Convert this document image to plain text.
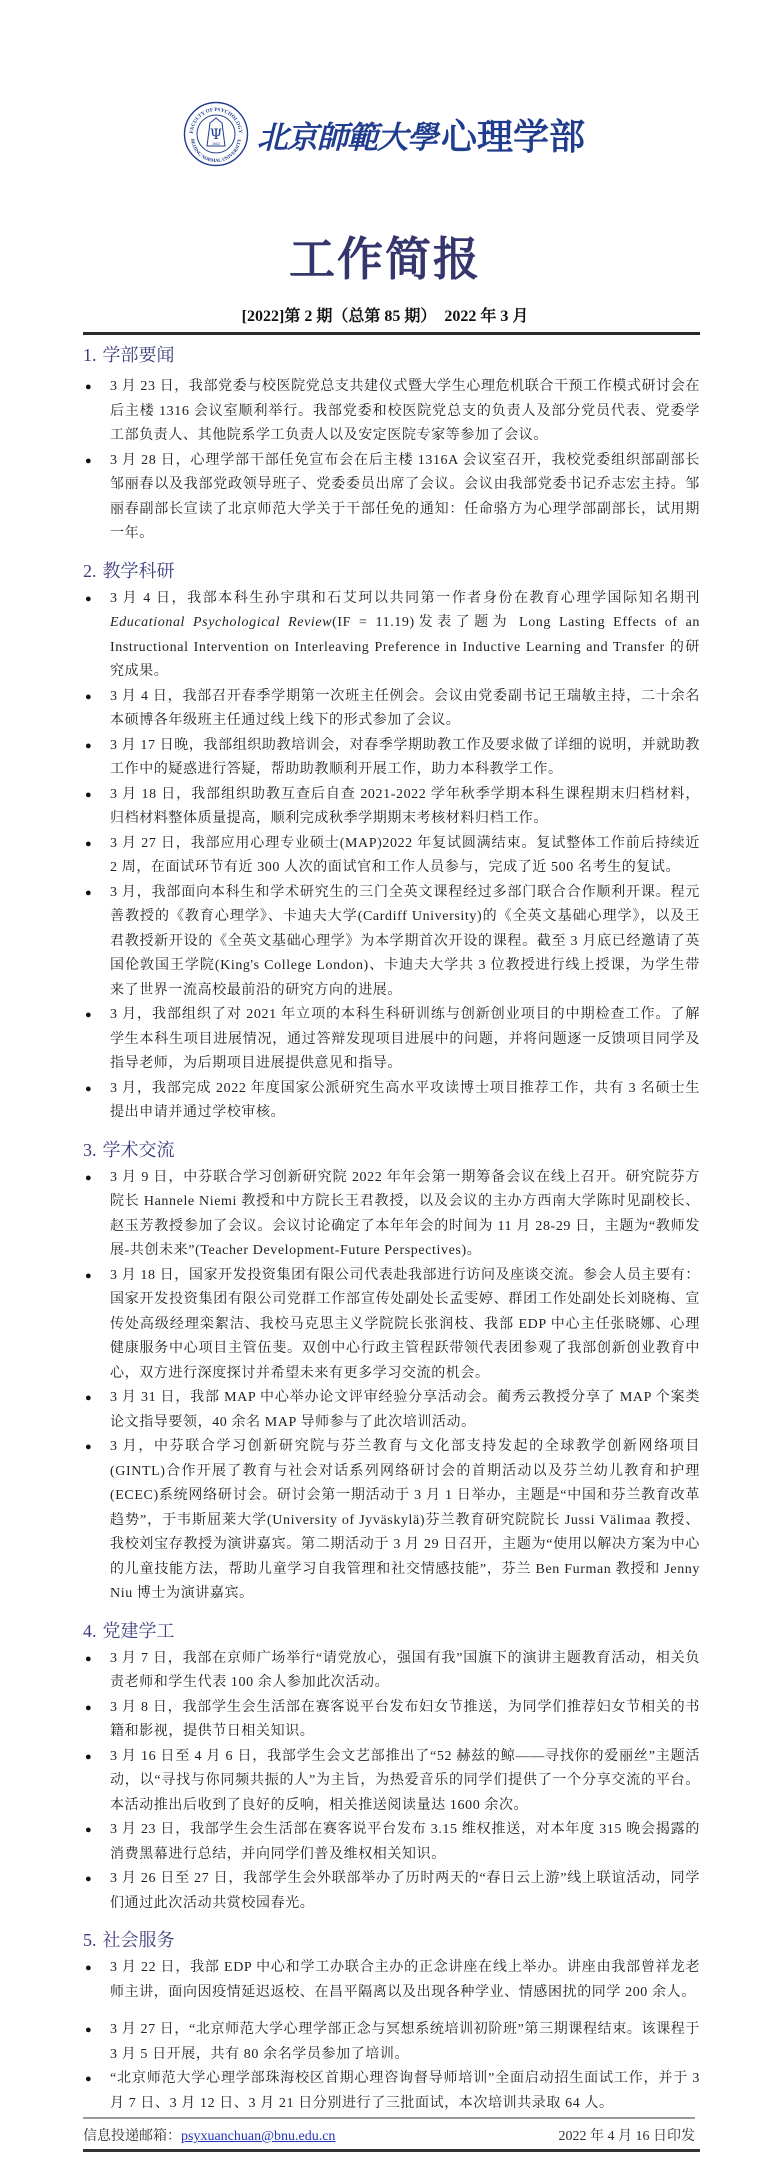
FACULTY OF PSYCHOLOGY
BEIJING NORMAL UNIVERSITY
Ψ
1902 北京師範大學 心理学部
工作简报
[2022]第 2 期（总第 85 期）　2022 年 3 月
1. 学部要闻
● 3 月 23 日，我部党委与校医院党总支共建仪式暨大学生心理危机联合干预工作模式研讨会在后主楼 1316 会议室顺利举行。我部党委和校医院党总支的负责人及部分党员代表、党委学工部负责人、其他院系学工负责人以及安定医院专家等参加了会议。
● 3 月 28 日，心理学部干部任免宣布会在后主楼 1316A 会议室召开，我校党委组织部副部长邹丽春以及我部党政领导班子、党委委员出席了会议。会议由我部党委书记乔志宏主持。邹丽春副部长宣读了北京师范大学关于干部任免的通知：任命骆方为心理学部副部长，试用期一年。
2. 教学科研
● 3 月 4 日，我部本科生孙宇琪和石艾珂以共同第一作者身份在教育心理学国际知名期刊Educational Psychological Review(IF = 11.19)发表了题为 Long Lasting Effects of an Instructional Intervention on Interleaving Preference in Inductive Learning and Transfer 的研究成果。
● 3 月 4 日，我部召开春季学期第一次班主任例会。会议由党委副书记王瑞敏主持，二十余名本硕博各年级班主任通过线上线下的形式参加了会议。
● 3 月 17 日晚，我部组织助教培训会，对春季学期助教工作及要求做了详细的说明，并就助教工作中的疑惑进行答疑，帮助助教顺利开展工作，助力本科教学工作。
● 3 月 18 日，我部组织助教互查后自查 2021-2022 学年秋季学期本科生课程期末归档材料，归档材料整体质量提高，顺利完成秋季学期期末考核材料归档工作。
● 3 月 27 日，我部应用心理专业硕士(MAP)2022 年复试圆满结束。复试整体工作前后持续近 2 周，在面试环节有近 300 人次的面试官和工作人员参与，完成了近 500 名考生的复试。
● 3 月，我部面向本科生和学术研究生的三门全英文课程经过多部门联合合作顺利开课。程元善教授的《教育心理学》、卡迪夫大学(Cardiff University)的《全英文基础心理学》，以及王君教授新开设的《全英文基础心理学》为本学期首次开设的课程。截至 3 月底已经邀请了英国伦敦国王学院(King's College London)、卡迪夫大学共 3 位教授进行线上授课，为学生带来了世界一流高校最前沿的研究方向的进展。
● 3 月，我部组织了对 2021 年立项的本科生科研训练与创新创业项目的中期检查工作。了解学生本科生项目进展情况，通过答辩发现项目进展中的问题，并将问题逐一反馈项目同学及指导老师，为后期项目进展提供意见和指导。
● 3 月，我部完成 2022 年度国家公派研究生高水平攻读博士项目推荐工作，共有 3 名硕士生提出申请并通过学校审核。
3. 学术交流
● 3 月 9 日，中芬联合学习创新研究院 2022 年年会第一期筹备会议在线上召开。研究院芬方院长 Hannele Niemi 教授和中方院长王君教授，以及会议的主办方西南大学陈时见副校长、赵玉芳教授参加了会议。会议讨论确定了本年年会的时间为 11 月 28-29 日，主题为“教师发展-共创未来”(Teacher Development-Future Perspectives)。
● 3 月 18 日，国家开发投资集团有限公司代表赴我部进行访问及座谈交流。参会人员主要有：国家开发投资集团有限公司党群工作部宣传处副处长孟雯婷、群团工作处副处长刘晓梅、宣传处高级经理栾絮洁、我校马克思主义学院院长张润枝、我部 EDP 中心主任张晓娜、心理健康服务中心项目主管伍斐。双创中心行政主管程跃带领代表团参观了我部创新创业教育中心，双方进行深度探讨并希望未来有更多学习交流的机会。
● 3 月 31 日，我部 MAP 中心举办论文评审经验分享活动会。蔺秀云教授分享了 MAP 个案类论文指导要领，40 余名 MAP 导师参与了此次培训活动。
● 3 月，中芬联合学习创新研究院与芬兰教育与文化部支持发起的全球教学创新网络项目(GINTL)合作开展了教育与社会对话系列网络研讨会的首期活动以及芬兰幼儿教育和护理(ECEC)系统网络研讨会。研讨会第一期活动于 3 月 1 日举办，主题是“中国和芬兰教育改革趋势”，于韦斯屈莱大学(University of Jyväskylä)芬兰教育研究院院长 Jussi Välimaa 教授、我校刘宝存教授为演讲嘉宾。第二期活动于 3 月 29 日召开，主题为“使用以解决方案为中心的儿童技能方法，帮助儿童学习自我管理和社交情感技能”，芬兰 Ben Furman 教授和 Jenny Niu 博士为演讲嘉宾。
4. 党建学工
● 3 月 7 日，我部在京师广场举行“请党放心，强国有我”国旗下的演讲主题教育活动，相关负责老师和学生代表 100 余人参加此次活动。
● 3 月 8 日，我部学生会生活部在赛客说平台发布妇女节推送，为同学们推荐妇女节相关的书籍和影视，提供节日相关知识。
● 3 月 16 日至 4 月 6 日，我部学生会文艺部推出了“52 赫兹的鲸——寻找你的爱丽丝”主题活动，以“寻找与你同频共振的人”为主旨，为热爱音乐的同学们提供了一个分享交流的平台。本活动推出后收到了良好的反响，相关推送阅读量达 1600 余次。
● 3 月 23 日，我部学生会生活部在赛客说平台发布 3.15 维权推送，对本年度 315 晚会揭露的消费黑幕进行总结，并向同学们普及维权相关知识。
● 3 月 26 日至 27 日，我部学生会外联部举办了历时两天的“春日云上游”线上联谊活动，同学们通过此次活动共赏校园春光。
5. 社会服务
● 3 月 22 日，我部 EDP 中心和学工办联合主办的正念讲座在线上举办。讲座由我部曾祥龙老师主讲，面向因疫情延迟返校、在昌平隔离以及出现各种学业、情感困扰的同学 200 余人。
● 3 月 27 日，“北京师范大学心理学部正念与冥想系统培训初阶班”第三期课程结束。该课程于 3 月 5 日开展，共有 80 余名学员参加了培训。
● “北京师范大学心理学部珠海校区首期心理咨询督导师培训”全面启动招生面试工作，并于 3 月 7 日、3 月 12 日、3 月 21 日分别进行了三批面试，本次培训共录取 64 人。
信息投递邮箱：psyxuanchuan@bnu.edu.cn	2022 年 4 月 16 日印发
